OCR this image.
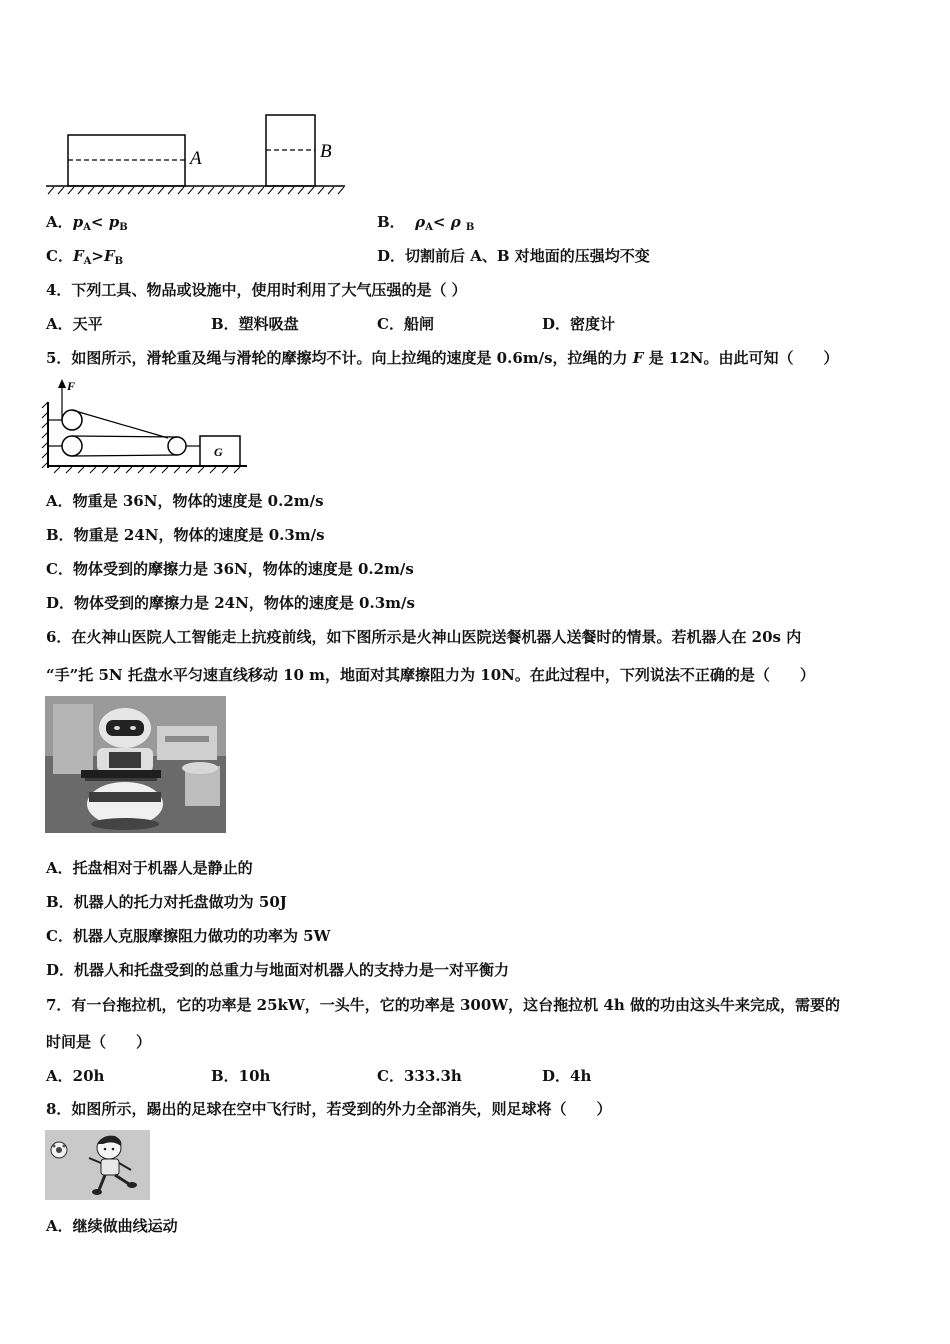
A	B
A．$p_A< p_B$	B． $\rho_A< \rho$ $_B$
C．$F_A>F_B$	D．切割前后 A、B 对地面的压强均不变
4．下列工具、物品或设施中，使用时利用了大气压强的是（ ）
A．天平	B．塑料吸盘	C．船闸	D．密度计
5．如图所示，滑轮重及绳与滑轮的摩擦均不计。向上拉绳的速度是 0.6m/s，拉绳的力 F 是 12N。由此可知（　　）
F
G
A．物重是 36N，物体的速度是 0.2m/s
B．物重是 24N，物体的速度是 0.3m/s
C．物体受到的摩擦力是 36N，物体的速度是 0.2m/s
D．物体受到的摩擦力是 24N，物体的速度是 0.3m/s
6．在火神山医院人工智能走上抗疫前线，如下图所示是火神山医院送餐机器人送餐时的情景。若机器人在 20s 内
“手”托 5N 托盘水平匀速直线移动 10 m，地面对其摩擦阻力为 10N。在此过程中，下列说法不正确的是（　　）
A．托盘相对于机器人是静止的
B．机器人的托力对托盘做功为 50J
C．机器人克服摩擦阻力做功的功率为 5W
D．机器人和托盘受到的总重力与地面对机器人的支持力是一对平衡力
7．有一台拖拉机，它的功率是 25kW，一头牛，它的功率是 300W，这台拖拉机 4h 做的功由这头牛来完成，需要的
时间是（　　）
A．20h	B．10h	C．333.3h	D．4h
8．如图所示，踢出的足球在空中飞行时，若受到的外力全部消失，则足球将（　　）
A．继续做曲线运动
